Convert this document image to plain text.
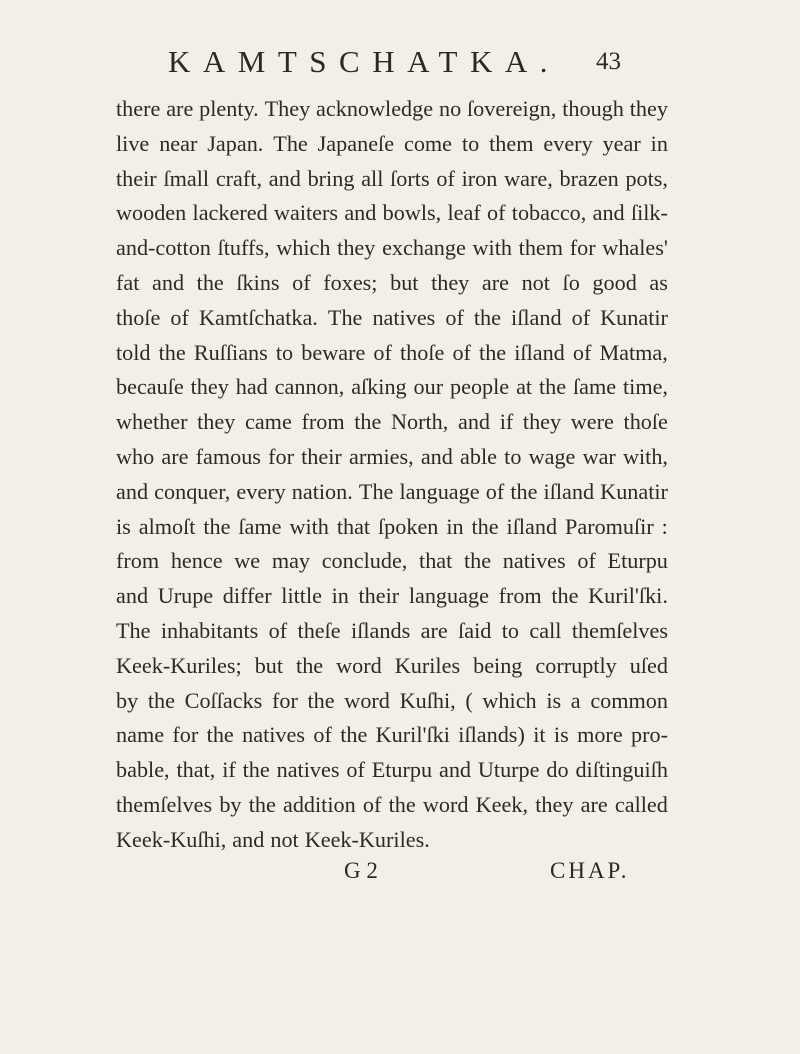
KAMTSCHATKA. 43
there are plenty. They acknowledge no ſovereign, though they
live near Japan. The Japaneſe come to them every year in
their ſmall craft, and bring all ſorts of iron ware, brazen pots,
wooden lackered waiters and bowls, leaf of tobacco, and ſilk-
and-cotton ſtuffs, which they exchange with them for whales'
fat and the ſkins of foxes; but they are not ſo good as
thoſe of Kamtſchatka. The natives of the iſland of Kunatir
told the Ruſſians to beware of thoſe of the iſland of Matma,
becauſe they had cannon, aſking our people at the ſame time,
whether they came from the North, and if they were thoſe
who are famous for their armies, and able to wage war with,
and conquer, every nation. The language of the iſland Kunatir
is almoſt the ſame with that ſpoken in the iſland Paromuſir :
from hence we may conclude, that the natives of Eturpu
and Urupe differ little in their language from the Kuril'ſki.
The inhabitants of theſe iſlands are ſaid to call themſelves
Keek-Kuriles; but the word Kuriles being corruptly uſed
by the Coſſacks for the word Kuſhi, ( which is a common
name for the natives of the Kuril'ſki iſlands) it is more pro-
bable, that, if the natives of Eturpu and Uturpe do diſtinguiſh
themſelves by the addition of the word Keek, they are called
Keek-Kuſhi, and not Keek-Kuriles.
G 2	CHAP.
